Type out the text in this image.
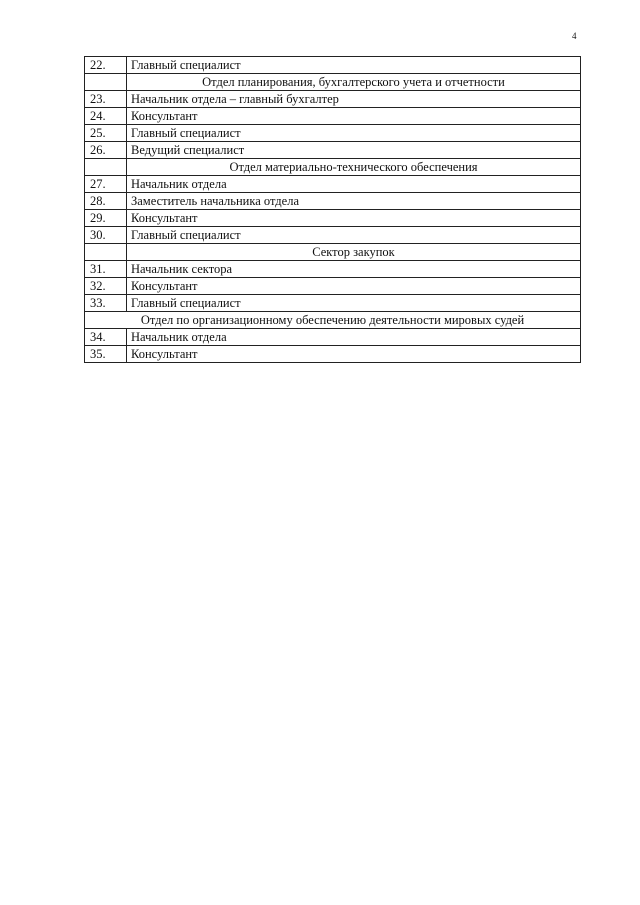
4
22.	Главный специалист
	Отдел планирования, бухгалтерского учета и отчетности
23.	Начальник отдела – главный бухгалтер
24.	Консультант
25.	Главный специалист
26.	Ведущий специалист
	Отдел материально-технического обеспечения
27.	Начальник отдела
28.	Заместитель начальника отдела
29.	Консультант
30.	Главный специалист
	Сектор закупок
31.	Начальник сектора
32.	Консультант
33.	Главный специалист
Отдел по организационному обеспечению деятельности мировых судей	
34.	Начальник отдела
35.	Консультант
